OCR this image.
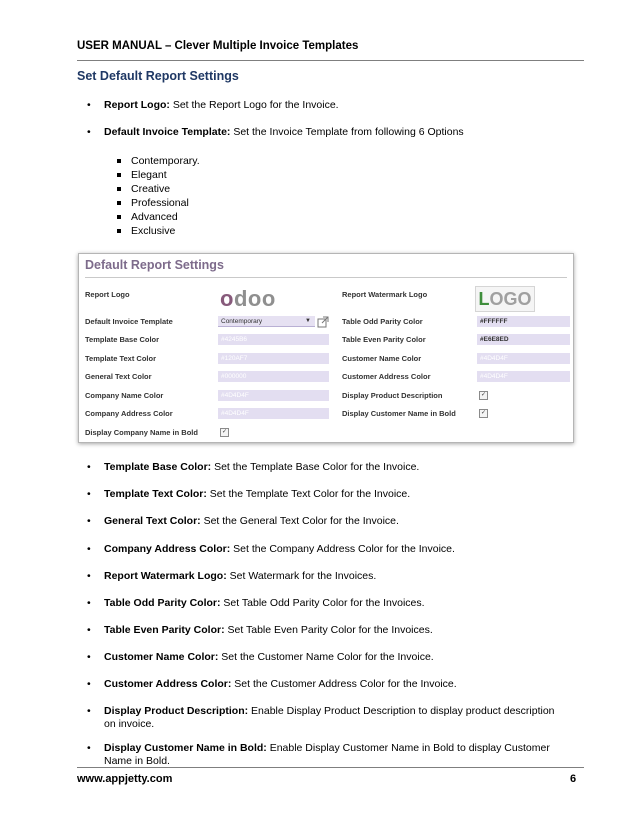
USER MANUAL – Clever Multiple Invoice Templates
Set Default Report Settings
• Report Logo: Set the Report Logo for the Invoice.
• Default Invoice Template: Set the Invoice Template from following 6 Options
Contemporary.
Elegant
Creative
Professional
Advanced
Exclusive
Default Report Settings
Report Logo
Default Invoice Template
Template Base Color
Template Text Color
General Text Color
Company Name Color
Company Address Color
Display Company Name in Bold
odoo
Contemporary	▼
#4245B6
#120AF7
#000000
#4D4D4F
#4D4D4F
✓
Report Watermark Logo
Table Odd Parity Color
Table Even Parity Color
Customer Name Color
Customer Address Color
Display Product Description
Display Customer Name in Bold
LOGO
#FFFFFF
#E6E8ED
#4D4D4F
#4D4D4F
✓
✓
• Template Base Color: Set the Template Base Color for the Invoice.
• Template Text Color: Set the Template Text Color for the Invoice.
• General Text Color: Set the General Text Color for the Invoice.
• Company Address Color: Set the Company Address Color for the Invoice.
• Report Watermark Logo: Set Watermark for the Invoices.
• Table Odd Parity Color: Set Table Odd Parity Color for the Invoices.
• Table Even Parity Color: Set Table Even Parity Color for the Invoices.
• Customer Name Color: Set the Customer Name Color for the Invoice.
• Customer Address Color: Set the Customer Address Color for the Invoice.
• Display Product Description: Enable Display Product Description to display product description on invoice.
• Display Customer Name in Bold: Enable Display Customer Name in Bold to display Customer Name in Bold.
www.appjetty.com	6
